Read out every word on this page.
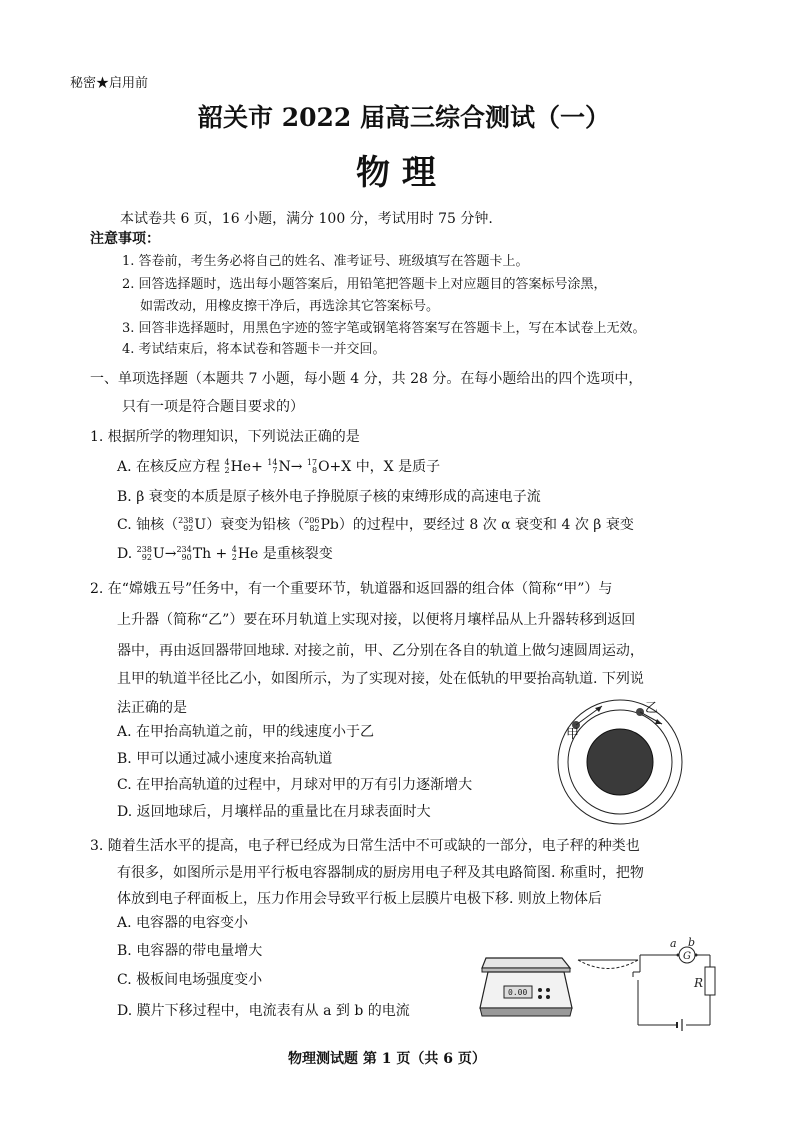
秘密★启用前
韶关市 2022 届高三综合测试（一）
物 理
本试卷共 6 页，16 小题，满分 100 分，考试用时 75 分钟.
注意事项：
1. 答卷前，考生务必将自己的姓名、准考证号、班级填写在答题卡上。
2. 回答选择题时，选出每小题答案后，用铅笔把答题卡上对应题目的答案标号涂黑，
如需改动，用橡皮擦干净后，再选涂其它答案标号。
3. 回答非选择题时，用黑色字迹的签字笔或钢笔将答案写在答题卡上，写在本试卷上无效。
4. 考试结束后，将本试卷和答题卡一并交回。
一、单项选择题（本题共 7 小题，每小题 4 分，共 28 分。在每小题给出的四个选项中，
只有一项是符合题目要求的）
1. 根据所学的物理知识，下列说法正确的是
A. 在核反应方程 4
2 He+ 14
7 N→ 17
8 O+X 中，X 是质子
B. β 衰变的本质是原子核外电子挣脱原子核的束缚形成的高速电子流
C. 铀核（ 238
92 U）衰变为铅核（ 206
82 Pb）的过程中，要经过 8 次 α 衰变和 4 次 β 衰变
D. 238
92 U→ 234
90 Th + 4
2 He 是重核裂变
2. 在“嫦娥五号”任务中，有一个重要环节，轨道器和返回器的组合体（简称“甲”）与
上升器（简称“乙”）要在环月轨道上实现对接，以便将月壤样品从上升器转移到返回
器中，再由返回器带回地球. 对接之前，甲、乙分别在各自的轨道上做匀速圆周运动，
且甲的轨道半径比乙小，如图所示，为了实现对接，处在低轨的甲要抬高轨道. 下列说
法正确的是
A. 在甲抬高轨道之前，甲的线速度小于乙
B. 甲可以通过减小速度来抬高轨道
C. 在甲抬高轨道的过程中，月球对甲的万有引力逐渐增大
D. 返回地球后，月壤样品的重量比在月球表面时大
甲
乙
3. 随着生活水平的提高，电子秤已经成为日常生活中不可或缺的一部分，电子秤的种类也
有很多，如图所示是用平行板电容器制成的厨房用电子秤及其电路简图. 称重时，把物
体放到电子秤面板上，压力作用会导致平行板上层膜片电极下移. 则放上物体后
A. 电容器的电容变小
B. 电容器的带电量增大
C. 极板间电场强度变小
D. 膜片下移过程中，电流表有从 a 到 b 的电流
0.00
G
b
a
R
物理测试题 第 1 页（共 6 页）
